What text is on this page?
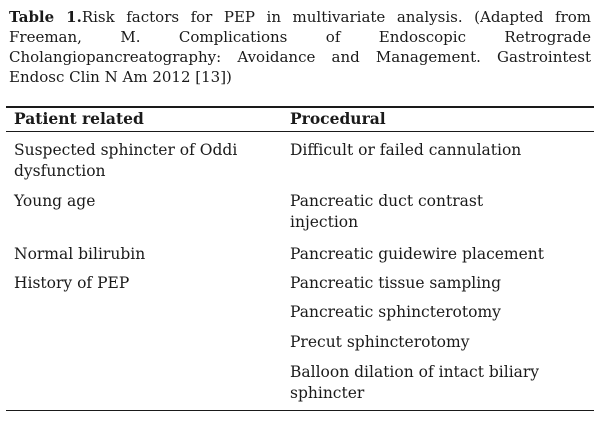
Table 1.Risk factors for PEP in multivariate analysis. (Adapted from Freeman, M. Complications of Endoscopic Retrograde Cholangiopancreatography: Avoidance and Management. Gastrointest Endosc Clin N Am 2012 [13])

Patient related	Procedural
Suspected sphincter of Oddi dysfunction
Young age
Normal bilirubin
History of PEP
Difficult or failed cannulation
Pancreatic duct contrast injection
Pancreatic guidewire placement
Pancreatic tissue sampling
Pancreatic sphincterotomy
Precut sphincterotomy
Balloon dilation of intact biliary sphincter
